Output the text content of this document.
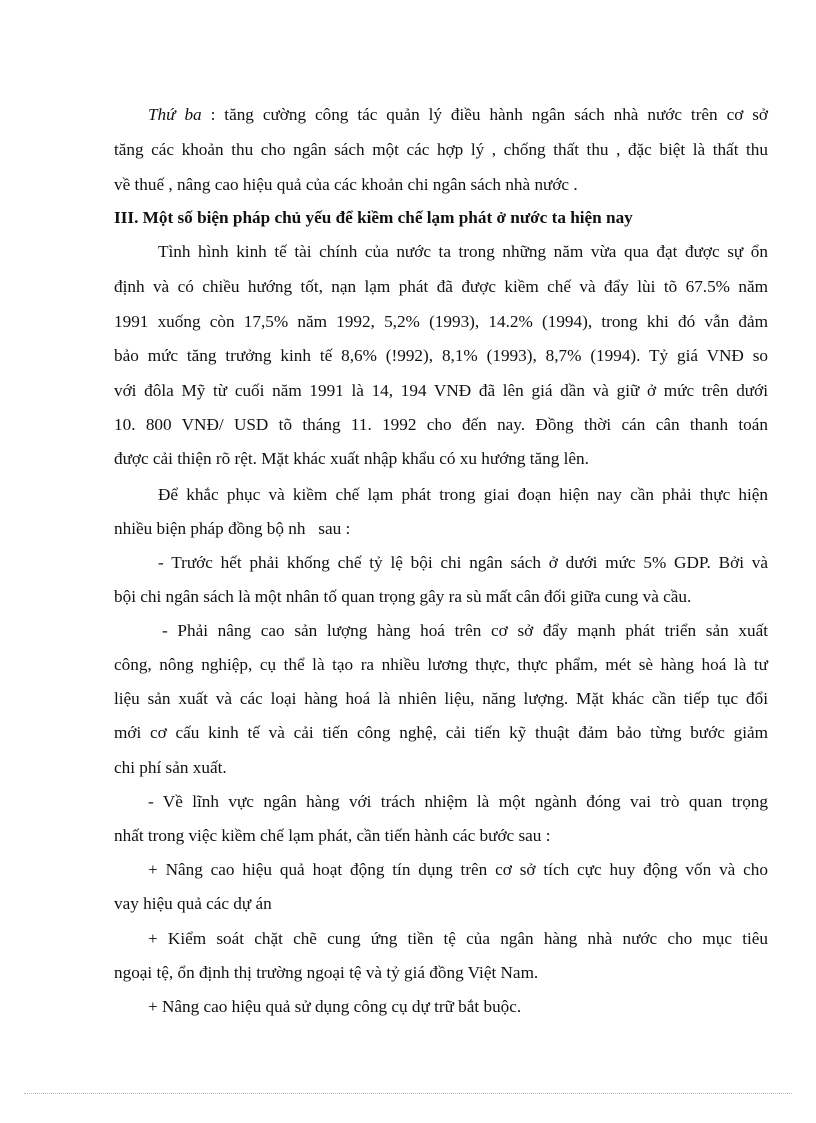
Thứ ba : tăng cường công tác quản lý điều hành ngân sách nhà nước trên cơ sở
tăng các khoản thu cho ngân sách một các hợp lý , chống thất thu , đặc biệt là thất thu
về thuế , nâng cao hiệu quả của các khoản chi ngân sách nhà nước .
III. Một số biện pháp chủ yếu để kiềm chế lạm phát ở nước ta hiện nay
Tình hình kinh tế tài chính của nước ta trong những năm vừa qua đạt được sự ổn
định và có chiều hướng tốt, nạn lạm phát đã được kiềm chế và đẩy lùi tõ 67.5% năm
1991 xuống còn 17,5% năm 1992, 5,2% (1993), 14.2% (1994), trong khi đó vẫn đảm
bảo mức tăng trưởng kinh tế 8,6% (!992), 8,1% (1993), 8,7% (1994). Tỷ giá VNĐ so
với đôla Mỹ từ cuối năm 1991 là 14, 194 VNĐ đã lên giá dần và giữ ở mức trên dưới
10. 800 VNĐ/ USD tõ tháng 11. 1992 cho đến nay. Đồng thời cán cân thanh toán
được cải thiện rõ rệt. Mặt khác xuất nhập khẩu có xu hướng tăng lên.
Để khắc phục và kiềm chế lạm phát trong giai đoạn hiện nay cần phải thực hiện
nhiều biện pháp đồng bộ nh   sau :
- Trước hết phải khống chế tỷ lệ bội chi ngân sách ở dưới mức 5% GDP. Bởi và
bội chi ngân sách là một nhân tố quan trọng gây ra sù mất cân đối giữa cung và cầu.
- Phải nâng cao sản lượng hàng hoá trên cơ sở đẩy mạnh phát triển sản xuất
công, nông nghiệp, cụ thể là tạo ra nhiều lương thực, thực phẩm, mét sè hàng hoá là tư
liệu sản xuất và các loại hàng hoá là nhiên liệu, năng lượng. Mặt khác cần tiếp tục đổi
mới cơ cấu kinh tế và cải tiến công nghệ, cải tiến kỹ thuật đảm bảo từng bước giảm
chi phí sản xuất.
- Về lĩnh vực ngân hàng với trách nhiệm là một ngành đóng vai trò quan trọng
nhất trong việc kiềm chế lạm phát, cần tiến hành các bước sau :
+ Nâng cao hiệu quả hoạt động tín dụng trên cơ sở tích cực huy động vốn và cho
vay hiệu quả các dự án
+ Kiểm soát chặt chẽ cung ứng tiền tệ của ngân hàng nhà nước cho mục tiêu
ngoại tệ, ổn định thị trường ngoại tệ và tỷ giá đồng Việt Nam.
+ Nâng cao hiệu quả sử dụng công cụ dự trữ bắt buộc.
